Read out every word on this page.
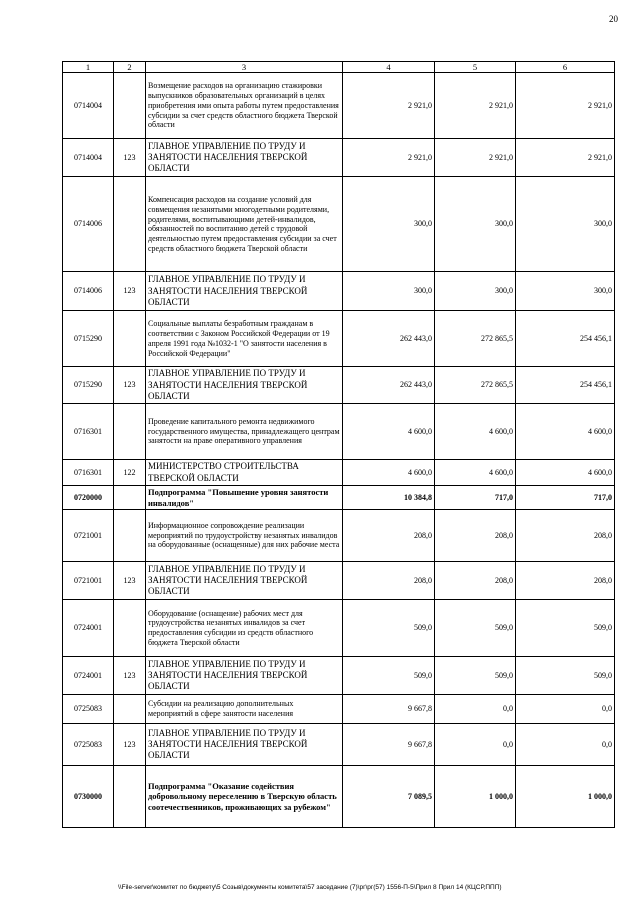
20
1	2	3	4	5	6
0714004		Возмещение расходов на организацию стажировки выпускников образовательных организаций в целях приобретения ими опыта работы путем предоставления субсидии за счет средств областного бюджета Тверской области	2 921,0	2 921,0	2 921,0
0714004	123	ГЛАВНОЕ УПРАВЛЕНИЕ ПО ТРУДУ И ЗАНЯТОСТИ НАСЕЛЕНИЯ ТВЕРСКОЙ ОБЛАСТИ	2 921,0	2 921,0	2 921,0
0714006		Компенсация расходов на создание условий для совмещения незанятыми многодетными родителями, родителями, воспитывающими детей-инвалидов, обязанностей по воспитанию детей с трудовой деятельностью путем предоставления субсидии за счет средств областного бюджета Тверской области	300,0	300,0	300,0
0714006	123	ГЛАВНОЕ УПРАВЛЕНИЕ ПО ТРУДУ И ЗАНЯТОСТИ НАСЕЛЕНИЯ ТВЕРСКОЙ ОБЛАСТИ	300,0	300,0	300,0
0715290		Социальные выплаты безработным гражданам в соответствии с Законом Российской Федерации от 19 апреля 1991 года №1032-1 "О занятости населения в Российской Федерации"	262 443,0	272 865,5	254 456,1
0715290	123	ГЛАВНОЕ УПРАВЛЕНИЕ ПО ТРУДУ И ЗАНЯТОСТИ НАСЕЛЕНИЯ ТВЕРСКОЙ ОБЛАСТИ	262 443,0	272 865,5	254 456,1
0716301		Проведение капитального ремонта недвижимого государственного имущества, принадлежащего центрам занятости на праве оперативного управления	4 600,0	4 600,0	4 600,0
0716301	122	МИНИСТЕРСТВО СТРОИТЕЛЬСТВА ТВЕРСКОЙ ОБЛАСТИ	4 600,0	4 600,0	4 600,0
0720000		Подпрограмма "Повышение уровня занятости инвалидов"	10 384,8	717,0	717,0
0721001		Информационное сопровождение реализации мероприятий по трудоустройству незанятых инвалидов на оборудованные (оснащенные) для них рабочие места	208,0	208,0	208,0
0721001	123	ГЛАВНОЕ УПРАВЛЕНИЕ ПО ТРУДУ И ЗАНЯТОСТИ НАСЕЛЕНИЯ ТВЕРСКОЙ ОБЛАСТИ	208,0	208,0	208,0
0724001		Оборудование (оснащение) рабочих мест для трудоустройства незанятых инвалидов за счет предоставления субсидии из средств областного бюджета Тверской области	509,0	509,0	509,0
0724001	123	ГЛАВНОЕ УПРАВЛЕНИЕ ПО ТРУДУ И ЗАНЯТОСТИ НАСЕЛЕНИЯ ТВЕРСКОЙ ОБЛАСТИ	509,0	509,0	509,0
0725083		Субсидии на реализацию дополнительных мероприятий в сфере занятости населения	9 667,8	0,0	0,0
0725083	123	ГЛАВНОЕ УПРАВЛЕНИЕ ПО ТРУДУ И ЗАНЯТОСТИ НАСЕЛЕНИЯ ТВЕРСКОЙ ОБЛАСТИ	9 667,8	0,0	0,0
0730000		Подпрограмма "Оказание содействия добровольному переселению в Тверскую область соотечественников, проживающих за рубежом"	7 089,5	1 000,0	1 000,0
\\File-server\комитет по бюджету\5 Созыв\документы комитета\57 заседание (7)\рг\рг(57) 1556-П-5\Прил 8 Прил 14 (КЦСР,ППП)
